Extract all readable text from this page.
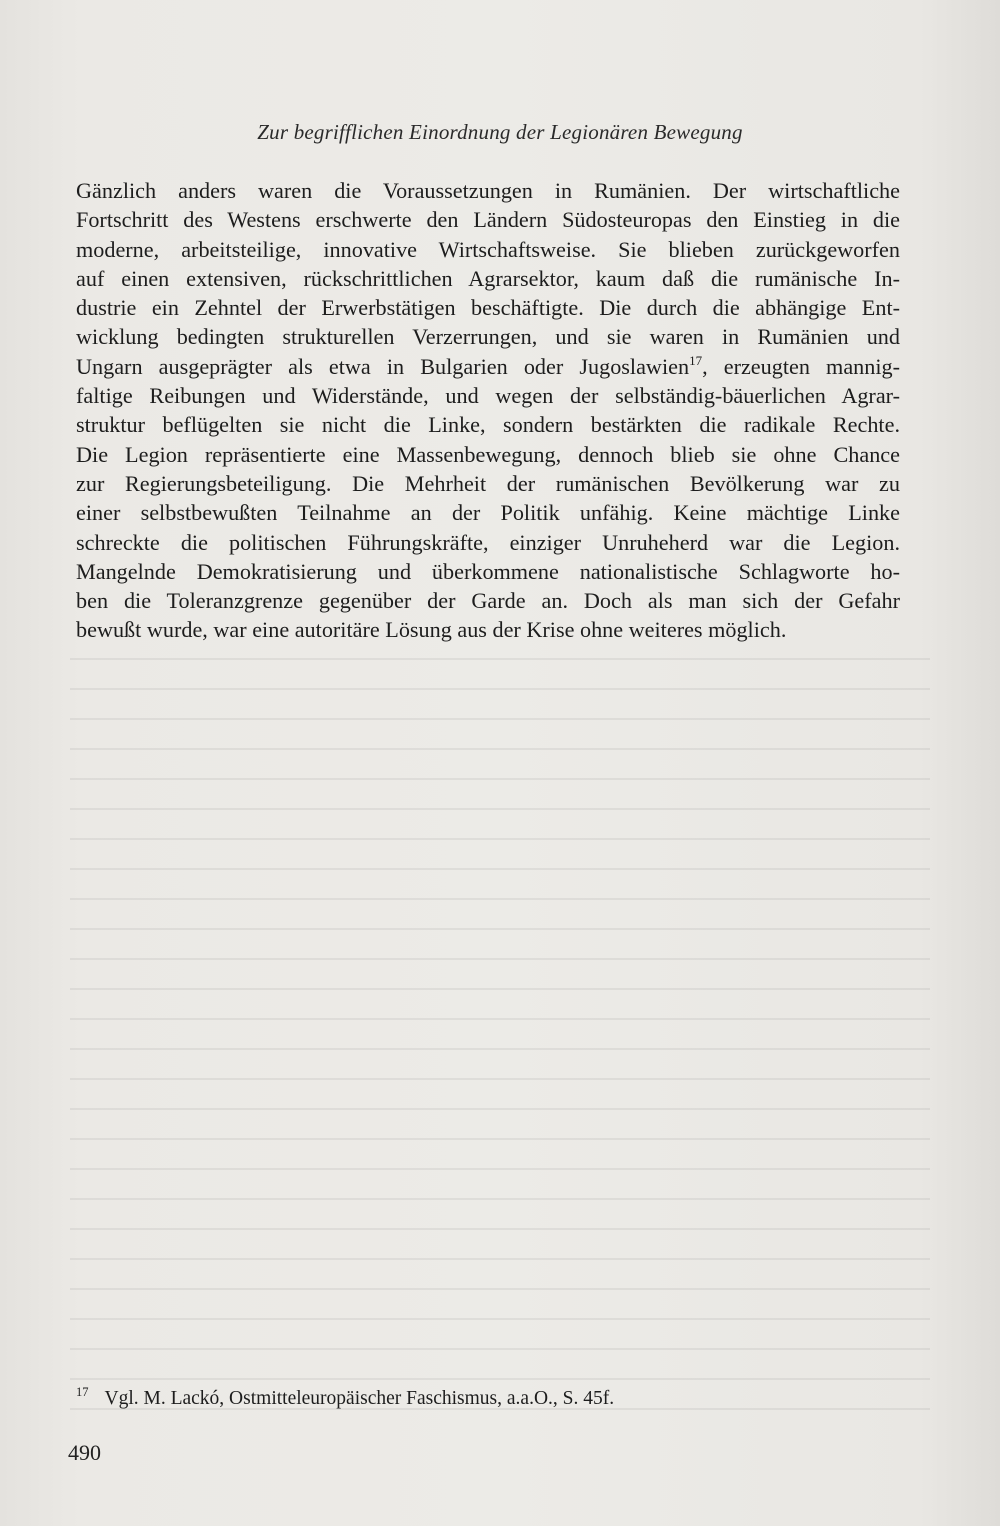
Zur begrifflichen Einordnung der Legionären Bewegung
Gänzlich anders waren die Voraussetzungen in Rumänien. Der wirtschaftliche
Fortschritt des Westens erschwerte den Ländern Südosteuropas den Einstieg in die
moderne, arbeitsteilige, innovative Wirtschaftsweise. Sie blieben zurückgeworfen
auf einen extensiven, rückschrittlichen Agrarsektor, kaum daß die rumänische In-
dustrie ein Zehntel der Erwerbstätigen beschäftigte. Die durch die abhängige Ent-
wicklung bedingten strukturellen Verzerrungen, und sie waren in Rumänien und
Ungarn ausgeprägter als etwa in Bulgarien oder Jugoslawien$^{17}$, erzeugten mannig-
faltige Reibungen und Widerstände, und wegen der selbständig-bäuerlichen Agrar-
struktur beflügelten sie nicht die Linke, sondern bestärkten die radikale Rechte.
Die Legion repräsentierte eine Massenbewegung, dennoch blieb sie ohne Chance
zur Regierungsbeteiligung. Die Mehrheit der rumänischen Bevölkerung war zu
einer selbstbewußten Teilnahme an der Politik unfähig. Keine mächtige Linke
schreckte die politischen Führungskräfte, einziger Unruheherd war die Legion.
Mangelnde Demokratisierung und überkommene nationalistische Schlagworte ho-
ben die Toleranzgrenze gegenüber der Garde an. Doch als man sich der Gefahr
bewußt wurde, war eine autoritäre Lösung aus der Krise ohne weiteres möglich.
$^{17}$ Vgl. M. Lackó, Ostmitteleuropäischer Faschismus, a.a.O., S. 45f.
490
